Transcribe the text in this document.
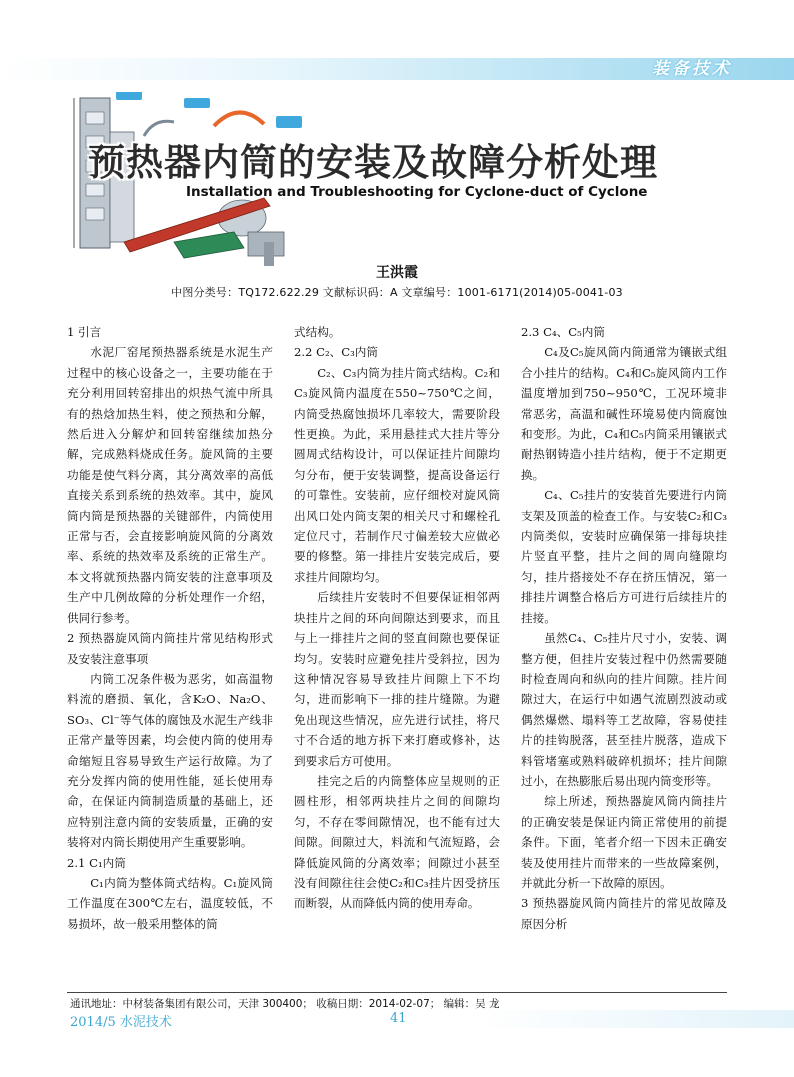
装备技术
预热器内筒的安装及故障分析处理
Installation and Troubleshooting for Cyclone-duct of Cyclone
王洪霞
中图分类号：TQ172.622.29 文献标识码：A 文章编号：1001-6171(2014)05-0041-03

1 引言

水泥厂窑尾预热器系统是水泥生产过程中的核心设备之一，主要功能在于充分利用回转窑排出的炽热气流中所具有的热焓加热生料，使之预热和分解，然后进入分解炉和回转窑继续加热分解，完成熟料烧成任务。旋风筒的主要功能是使气料分离，其分离效率的高低直接关系到系统的热效率。其中，旋风筒内筒是预热器的关键部件，内筒使用正常与否，会直接影响旋风筒的分离效率、系统的热效率及系统的正常生产。本文将就预热器内筒安装的注意事项及生产中几例故障的分析处理作一介绍，供同行参考。

2 预热器旋风筒内筒挂片常见结构形式及安装注意事项

内筒工况条件极为恶劣，如高温物料流的磨损、氧化，含K₂O、Na₂O、SO₃、Cl⁻等气体的腐蚀及水泥生产线非正常产量等因素，均会使内筒的使用寿命缩短且容易导致生产运行故障。为了充分发挥内筒的使用性能，延长使用寿命，在保证内筒制造质量的基础上，还应特别注意内筒的安装质量，正确的安装将对内筒长期使用产生重要影响。

2.1 C₁内筒

C₁内筒为整体筒式结构。C₁旋风筒工作温度在300℃左右，温度较低，不易损坏，故一般采用整体的筒

式结构。

2.2 C₂、C₃内筒

C₂、C₃内筒为挂片筒式结构。C₂和C₃旋风筒内温度在550~750℃之间，内筒受热腐蚀损坏几率较大，需要阶段性更换。为此，采用悬挂式大挂片等分圆周式结构设计，可以保证挂片间隙均匀分布，便于安装调整，提高设备运行的可靠性。安装前，应仔细校对旋风筒出风口处内筒支架的相关尺寸和螺栓孔定位尺寸，若制作尺寸偏差较大应做必要的修整。第一排挂片安装完成后，要求挂片间隙均匀。

后续挂片安装时不但要保证相邻两块挂片之间的环向间隙达到要求，而且与上一排挂片之间的竖直间隙也要保证均匀。安装时应避免挂片受斜拉，因为这种情况容易导致挂片间隙上下不均匀，进而影响下一排的挂片缝隙。为避免出现这些情况，应先进行试挂，将尺寸不合适的地方拆下来打磨或修补，达到要求后方可使用。

挂完之后的内筒整体应呈规则的正圆柱形，相邻两块挂片之间的间隙均匀，不存在零间隙情况，也不能有过大间隙。间隙过大，料流和气流短路，会降低旋风筒的分离效率；间隙过小甚至没有间隙往往会使C₂和C₃挂片因受挤压而断裂，从而降低内筒的使用寿命。

2.3 C₄、C₅内筒

C₄及C₅旋风筒内筒通常为镶嵌式组合小挂片的结构。C₄和C₅旋风筒内工作温度增加到750~950℃，工况环境非常恶劣，高温和碱性环境易使内筒腐蚀和变形。为此，C₄和C₅内筒采用镶嵌式耐热钢铸造小挂片结构，便于不定期更换。

C₄、C₅挂片的安装首先要进行内筒支架及顶盖的检查工作。与安装C₂和C₃内筒类似，安装时应确保第一排每块挂片竖直平整，挂片之间的周向缝隙均匀，挂片搭接处不存在挤压情况，第一排挂片调整合格后方可进行后续挂片的挂接。

虽然C₄、C₅挂片尺寸小，安装、调整方便，但挂片安装过程中仍然需要随时检查周向和纵向的挂片间隙。挂片间隙过大，在运行中如遇气流剧烈波动或偶然爆燃、塌料等工艺故障，容易使挂片的挂钩脱落，甚至挂片脱落，造成下料管堵塞或熟料破碎机损坏；挂片间隙过小，在热膨胀后易出现内筒变形等。

综上所述，预热器旋风筒内筒挂片的正确安装是保证内筒正常使用的前提条件。下面，笔者介绍一下因未正确安装及使用挂片而带来的一些故障案例，并就此分析一下故障的原因。

3 预热器旋风筒内筒挂片的常见故障及原因分析

通讯地址：中材装备集团有限公司，天津 300400； 收稿日期：2014-02-07； 编辑：吴 龙
2014/5 水泥技术	41
